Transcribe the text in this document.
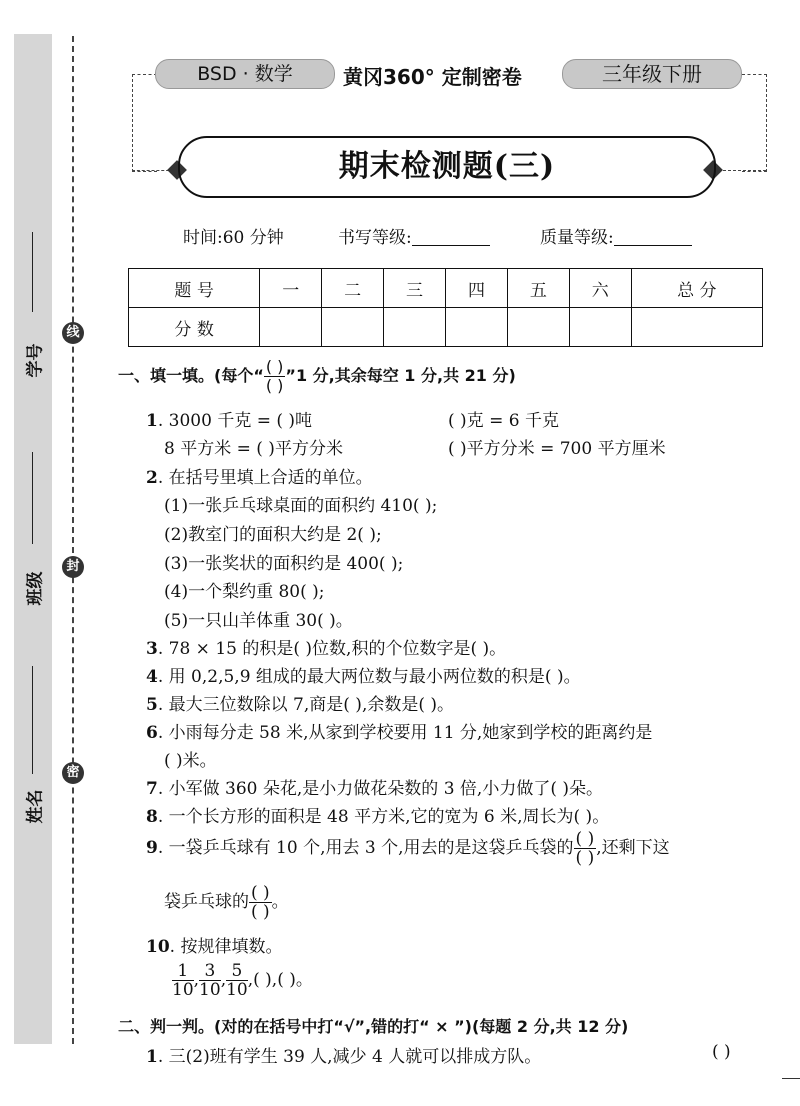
学号
班级
姓名
线
封
密
BSD · 数学	黄冈360° 定制密卷	三年级下册
期末检测题(三)
时间:60 分钟	书写等级:	质量等级:
题 号	一	二	三	四	五	六	总 分
分 数							
一、填一填。(每个“ $\frac{( )}{( )}$ ”1 分,其余每空 1 分,共 21 分)
1. 3000 千克 = ( )吨	( )克 = 6 千克
8 平方米 = ( )平方分米	( )平方分米 = 700 平方厘米
2. 在括号里填上合适的单位。
(1)一张乒乓球桌面的面积约 410( );
(2)教室门的面积大约是 2( );
(3)一张奖状的面积约是 400( );
(4)一个梨约重 80( );
(5)一只山羊体重 30( )。
3. 78 × 15 的积是( )位数,积的个位数字是( )。
4. 用 0,2,5,9 组成的最大两位数与最小两位数的积是( )。
5. 最大三位数除以 7,商是( ),余数是( )。
6. 小雨每分走 58 米,从家到学校要用 11 分,她家到学校的距离约是
( )米。
7. 小军做 360 朵花,是小力做花朵数的 3 倍,小力做了( )朵。
8. 一个长方形的面积是 48 平方米,它的宽为 6 米,周长为( )。
9. 一袋乒乓球有 10 个,用去 3 个,用去的是这袋乒乓袋的 $\frac{( )}{( )}$ ,还剩下这
袋乒乓球的 $\frac{( )}{( )}$ 。
10. 按规律填数。
$\frac{1}{10}$ , $\frac{3}{10}$ , $\frac{5}{10}$ ,( ),( )。
二、判一判。(对的在括号中打“√”,错的打“ × ”)(每题 2 分,共 12 分)
1. 三(2)班有学生 39 人,减少 4 人就可以排成方队。	( )
